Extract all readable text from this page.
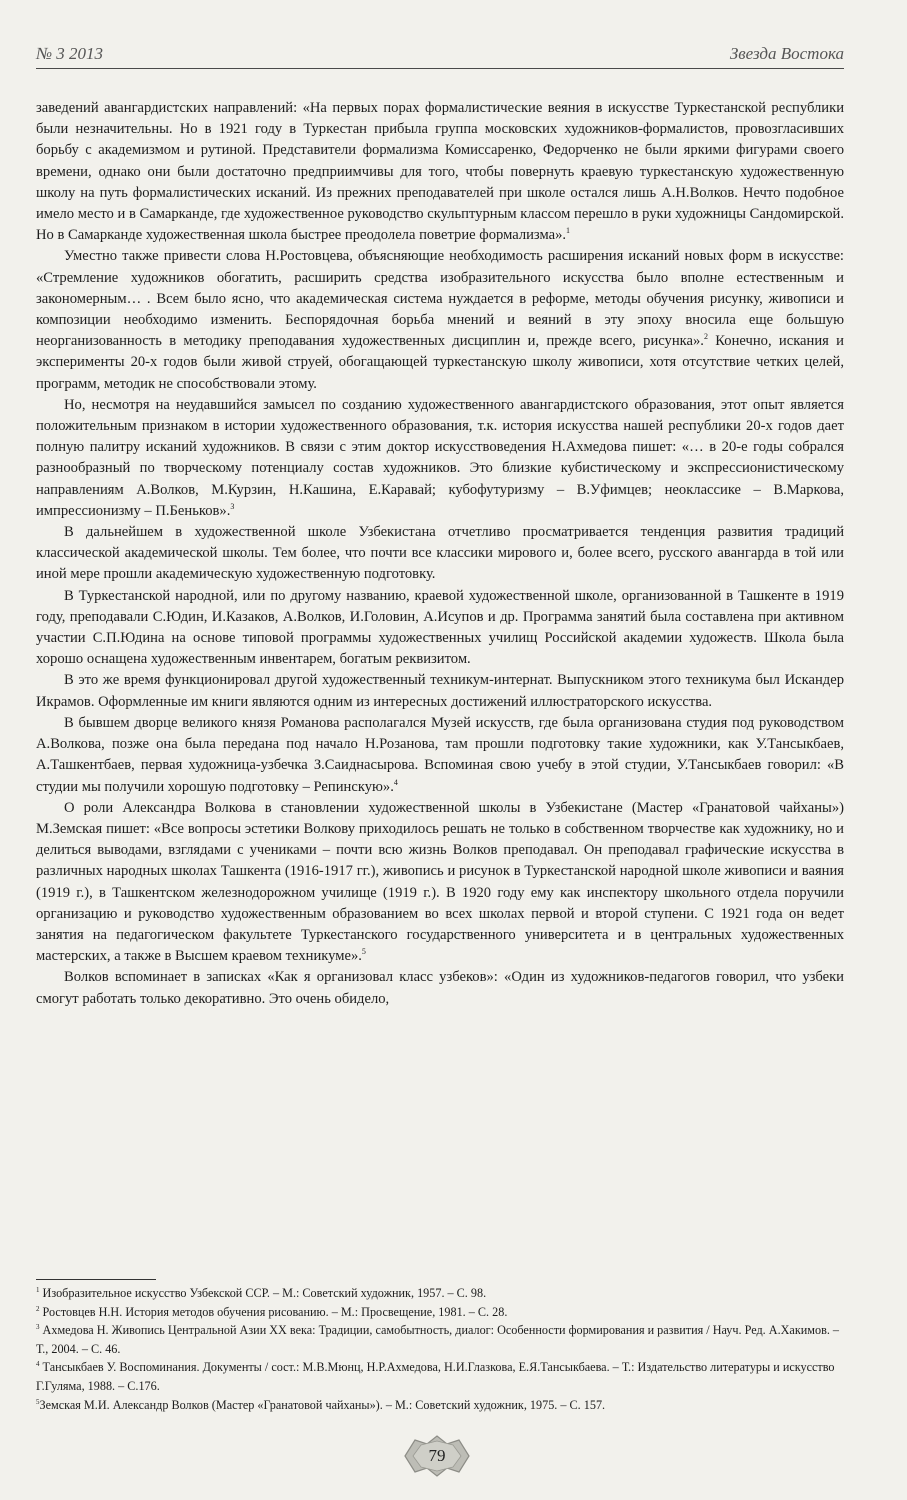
№ 3 2013	Звезда Востока

заведений авангардистских направлений: «На первых порах формалистические веяния в искусстве Туркестанской республики были незначительны. Но в 1921 году в Туркестан прибыла группа московских художников-формалистов, провозгласивших борьбу с академизмом и рутиной. Представители формализма Комиссаренко, Федорченко не были яркими фигурами своего времени, однако они были достаточно предприимчивы для того, чтобы повернуть краевую туркестанскую художественную школу на путь формалистических исканий. Из прежних преподавателей при школе остался лишь А.Н.Волков. Нечто подобное имело место и в Самарканде, где художественное руководство скульптурным классом перешло в руки художницы Сандомирской. Но в Самарканде художественная школа быстрее преодолела поветрие формализма».$^1$

Уместно также привести слова Н.Ростовцева, объясняющие необходимость расширения исканий новых форм в искусстве: «Стремление художников обогатить, расширить средства изобразительного искусства было вполне естественным и закономерным… . Всем было ясно, что академическая система нуждается в реформе, методы обучения рисунку, живописи и композиции необходимо изменить. Беспорядочная борьба мнений и веяний в эту эпоху вносила еще большую неорганизованность в методику преподавания художественных дисциплин и, прежде всего, рисунка».$^2$ Конечно, искания и эксперименты 20-х годов были живой струей, обогащающей туркестанскую школу живописи, хотя отсутствие четких целей, программ, методик не способствовали этому.

Но, несмотря на неудавшийся замысел по созданию художественного авангардистского образования, этот опыт является положительным признаком в истории художественного образования, т.к. история искусства нашей республики 20-х годов дает полную палитру исканий художников. В связи с этим доктор искусствоведения Н.Ахмедова пишет: «… в 20-е годы собрался разнообразный по творческому потенциалу состав художников. Это близкие кубистическому и экспрессионистическому направлениям А.Волков, М.Курзин, Н.Кашина, Е.Каравай; кубофутуризму – В.Уфимцев; неоклассике – В.Маркова, импрессионизму – П.Беньков».$^3$

В дальнейшем в художественной школе Узбекистана отчетливо просматривается тенденция развития традиций классической академической школы. Тем более, что почти все классики мирового и, более всего, русского авангарда в той или иной мере прошли академическую художественную подготовку.

В Туркестанской народной, или по другому названию, краевой художественной школе, организованной в Ташкенте в 1919 году, преподавали С.Юдин, И.Казаков, А.Волков, И.Головин, А.Исупов и др. Программа занятий была составлена при активном участии С.П.Юдина на основе типовой программы художественных училищ Российской академии художеств. Школа была хорошо оснащена художественным инвентарем, богатым реквизитом.

В это же время функционировал другой художественный техникум-интернат. Выпускником этого техникума был Искандер Икрамов. Оформленные им книги являются одним из интересных достижений иллюстраторского искусства.

В бывшем дворце великого князя Романова располагался Музей искусств, где была организована студия под руководством А.Волкова, позже она была передана под начало Н.Розанова, там прошли подготовку такие художники, как У.Тансыкбаев, А.Ташкентбаев, первая художница-узбечка З.Саиднасырова. Вспоминая свою учебу в этой студии, У.Тансыкбаев говорил: «В студии мы получили хорошую подготовку – Репинскую».$^4$

О роли Александра Волкова в становлении художественной школы в Узбекистане (Мастер «Гранатовой чайханы») М.Земская пишет: «Все вопросы эстетики Волкову приходилось решать не только в собственном творчестве как художнику, но и делиться выводами, взглядами с учениками – почти всю жизнь Волков преподавал. Он преподавал графические искусства в различных народных школах Ташкента (1916-1917 гг.), живопись и рисунок в Туркестанской народной школе живописи и ваяния (1919 г.), в Ташкентском железнодорожном училище (1919 г.). В 1920 году ему как инспектору школьного отдела поручили организацию и руководство художественным образованием во всех школах первой и второй ступени. С 1921 года он ведет занятия на педагогическом факультете Туркестанского государственного университета и в центральных художественных мастерских, а также в Высшем краевом техникуме».$^5$

Волков вспоминает в записках «Как я организовал класс узбеков»: «Один из художников-педагогов говорил, что узбеки смогут работать только декоративно. Это очень обидело,

$^1$ Изобразительное искусство Узбекской ССР. – М.: Советский художник, 1957. – С. 98.

$^2$ Ростовцев Н.Н. История методов обучения рисованию. – М.: Просвещение, 1981. – С. 28.

$^3$ Ахмедова Н. Живопись Центральной Азии XX века: Традиции, самобытность, диалог: Особенности формирования и развития / Науч. Ред. А.Хакимов. – Т., 2004. – С. 46.

$^4$ Тансыкбаев У. Воспоминания. Документы / сост.: М.В.Мюнц, Н.Р.Ахмедова, Н.И.Глазкова, Е.Я.Тансыкбаева. – Т.: Издательство литературы и искусство Г.Гуляма, 1988. – С.176.

$^5$Земская М.И. Александр Волков (Мастер «Гранатовой чайханы»). – М.: Советский художник, 1975. – С. 157.

79
